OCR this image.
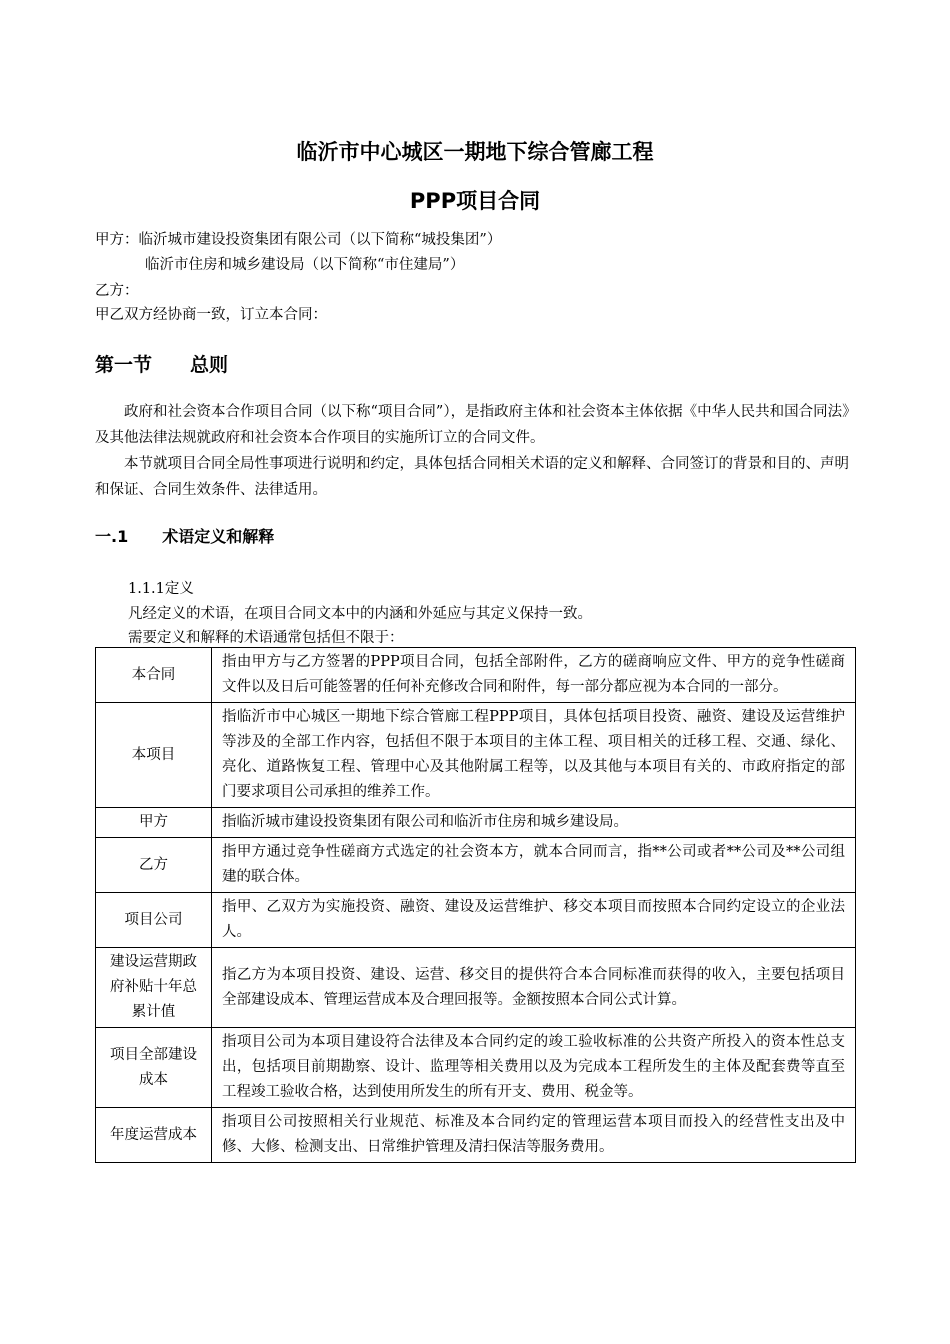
临沂市中心城区一期地下综合管廊工程
PPP项目合同
甲方：临沂城市建设投资集团有限公司（以下简称“城投集团”）
临沂市住房和城乡建设局（以下简称“市住建局”）
乙方：
甲乙双方经协商一致，订立本合同：
第一节 总则
政府和社会资本合作项目合同（以下称“项目合同”），是指政府主体和社会资本主体依据《中华人民共和国合同法》及其他法律法规就政府和社会资本合作项目的实施所订立的合同文件。
本节就项目合同全局性事项进行说明和约定，具体包括合同相关术语的定义和解释、合同签订的背景和目的、声明和保证、合同生效条件、法律适用。
一.1 术语定义和解释
1.1.1定义
凡经定义的术语，在项目合同文本中的内涵和外延应与其定义保持一致。
需要定义和解释的术语通常包括但不限于：
本合同	指由甲方与乙方签署的PPP项目合同，包括全部附件，乙方的磋商响应文件、甲方的竞争性磋商文件以及日后可能签署的任何补充修改合同和附件，每一部分都应视为本合同的一部分。
本项目	指临沂市中心城区一期地下综合管廊工程PPP项目，具体包括项目投资、融资、建设及运营维护等涉及的全部工作内容，包括但不限于本项目的主体工程、项目相关的迁移工程、交通、绿化、亮化、道路恢复工程、管理中心及其他附属工程等，以及其他与本项目有关的、市政府指定的部门要求项目公司承担的维养工作。
甲方	指临沂城市建设投资集团有限公司和临沂市住房和城乡建设局。
乙方	指甲方通过竞争性磋商方式选定的社会资本方，就本合同而言，指**公司或者**公司及**公司组建的联合体。
项目公司	指甲、乙双方为实施投资、融资、建设及运营维护、移交本项目而按照本合同约定设立的企业法人。
建设运营期政府补贴十年总累计值	指乙方为本项目投资、建设、运营、移交目的提供符合本合同标准而获得的收入，主要包括项目全部建设成本、管理运营成本及合理回报等。金额按照本合同公式计算。
项目全部建设成本	指项目公司为本项目建设符合法律及本合同约定的竣工验收标准的公共资产所投入的资本性总支出，包括项目前期勘察、设计、监理等相关费用以及为完成本工程所发生的主体及配套费等直至工程竣工验收合格，达到使用所发生的所有开支、费用、税金等。
年度运营成本	指项目公司按照相关行业规范、标准及本合同约定的管理运营本项目而投入的经营性支出及中修、大修、检测支出、日常维护管理及清扫保洁等服务费用。
